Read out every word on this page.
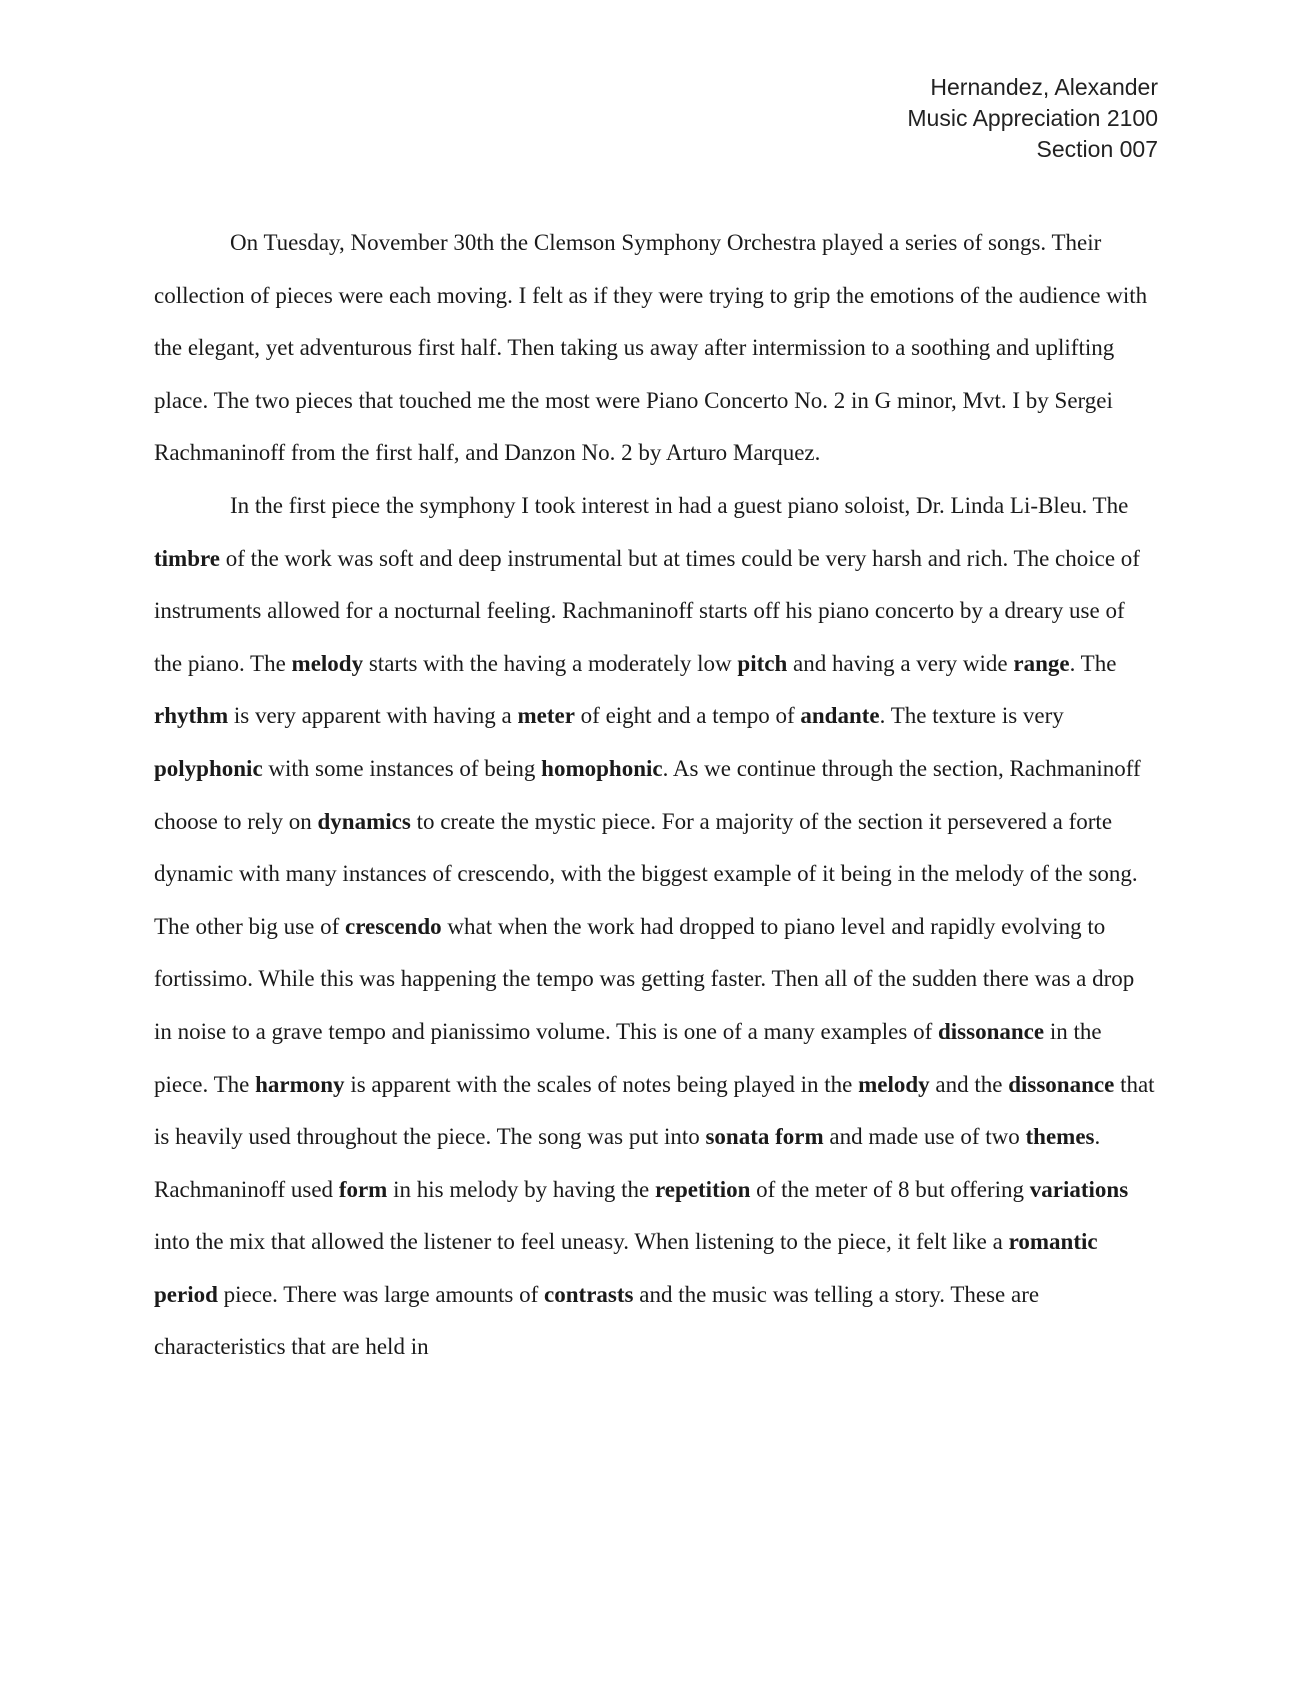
Hernandez, Alexander
Music Appreciation 2100
Section 007

On Tuesday, November 30th the Clemson Symphony Orchestra played a series of songs. Their collection of pieces were each moving. I felt as if they were trying to grip the emotions of the audience with the elegant, yet adventurous first half. Then taking us away after intermission to a soothing and uplifting place. The two pieces that touched me the most were Piano Concerto No. 2 in G minor, Mvt. I by Sergei Rachmaninoff from the first half, and Danzon No. 2 by Arturo Marquez.

In the first piece the symphony I took interest in had a guest piano soloist, Dr. Linda Li-Bleu. The timbre of the work was soft and deep instrumental but at times could be very harsh and rich. The choice of instruments allowed for a nocturnal feeling. Rachmaninoff starts off his piano concerto by a dreary use of the piano. The melody starts with the having a moderately low pitch and having a very wide range. The rhythm is very apparent with having a meter of eight and a tempo of andante. The texture is very polyphonic with some instances of being homophonic. As we continue through the section, Rachmaninoff choose to rely on dynamics to create the mystic piece. For a majority of the section it persevered a forte dynamic with many instances of crescendo, with the biggest example of it being in the melody of the song. The other big use of crescendo what when the work had dropped to piano level and rapidly evolving to fortissimo. While this was happening the tempo was getting faster. Then all of the sudden there was a drop in noise to a grave tempo and pianissimo volume. This is one of a many examples of dissonance in the piece. The harmony is apparent with the scales of notes being played in the melody and the dissonance that is heavily used throughout the piece. The song was put into sonata form and made use of two themes. Rachmaninoff used form in his melody by having the repetition of the meter of 8 but offering variations into the mix that allowed the listener to feel uneasy. When listening to the piece, it felt like a romantic period piece. There was large amounts of contrasts and the music was telling a story. These are characteristics that are held in
